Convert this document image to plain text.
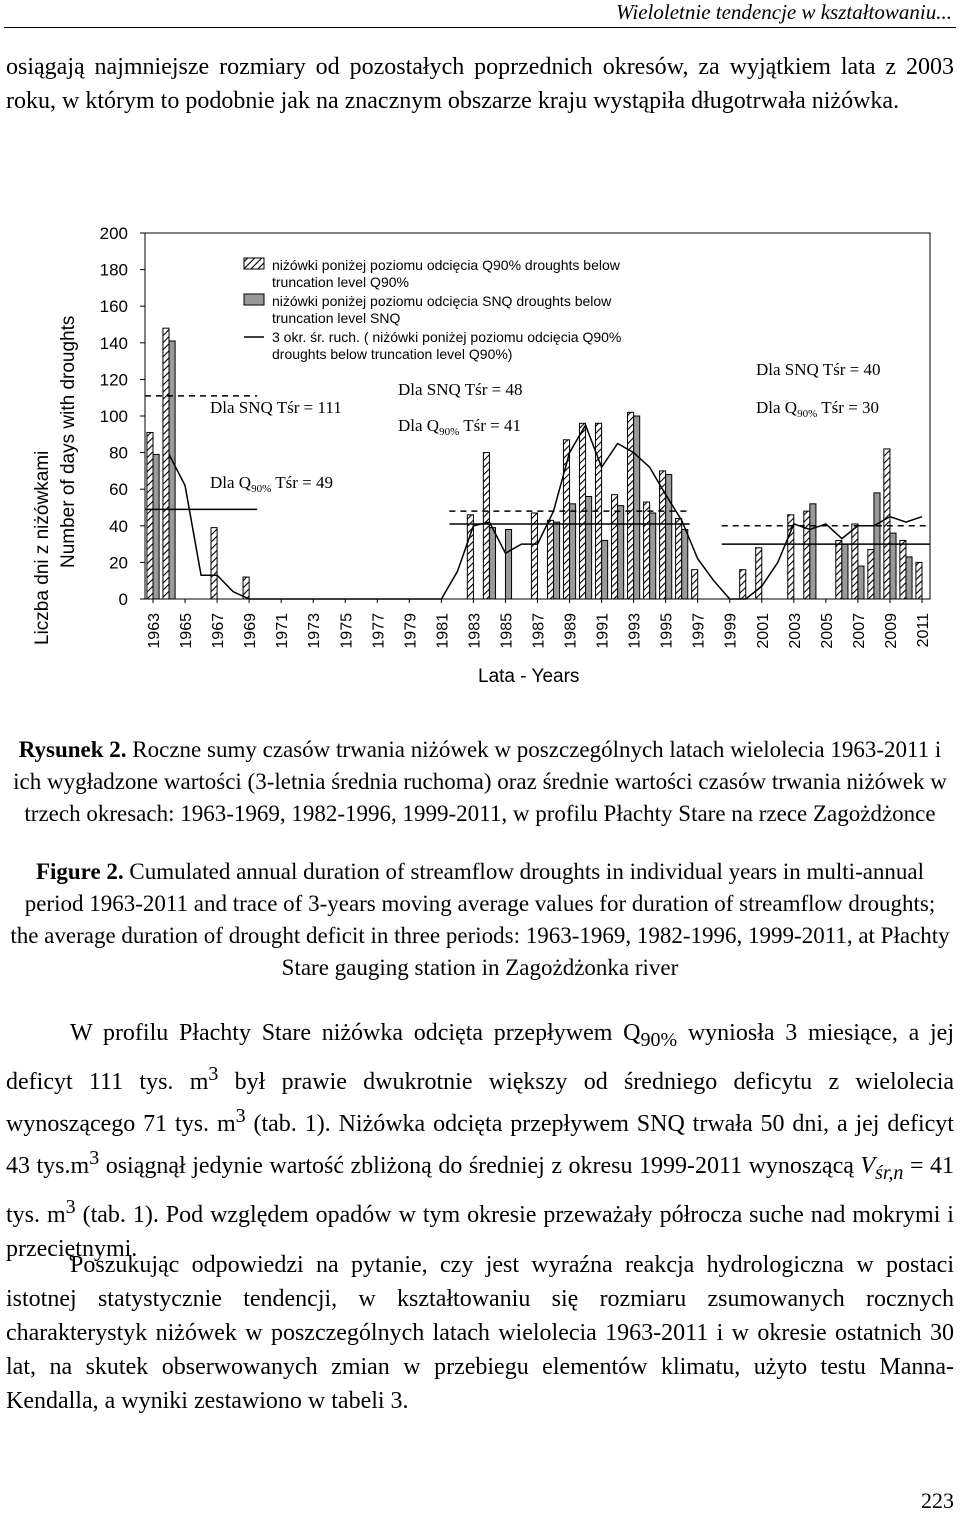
Wieloletnie tendencje w kształtowaniu...
osiągają najmniejsze rozmiary od pozostałych poprzednich okresów, za wyjątkiem lata z 2003 roku, w którym to podobnie jak na znacznym obszarze kraju wystąpiła długotrwała niżówka.
0
20
40
60
80
100
120
140
160
180
200
1963 1965 1967 1969 1971 1973 1975 1977 1979 1981 1983 1985 1987 1989 1991 1993 1995 1997 1999 2001 2003 2005 2007 2009 2011
Liczba dni z niżówkami Number of days with droughts
Lata - Years
niżówki poniżej poziomu odcięcia Q90% droughts below
truncation level Q90%
niżówki poniżej poziomu odcięcia SNQ droughts below
truncation level SNQ
3 okr. śr. ruch. ( niżówki poniżej poziomu odcięcia Q90%
droughts below truncation level Q90%)
Dla SNQ Tśr = 111
Dla $Q_{90\%}$ Tśr = 49
Dla SNQ Tśr = 48
Dla $Q_{90\%}$ Tśr = 41
Dla SNQ Tśr = 40
Dla $Q_{90\%}$ Tśr = 30
Rysunek 2. Roczne sumy czasów trwania niżówek w poszczególnych latach wielolecia 1963-2011 i ich wygładzone wartości (3-letnia średnia ruchoma) oraz średnie wartości czasów trwania niżówek w trzech okresach: 1963-1969, 1982-1996, 1999-2011, w profilu Płachty Stare na rzece Zagożdżonce
Figure 2. Cumulated annual duration of streamflow droughts in individual years in multi-annual period 1963-2011 and trace of 3-years moving average values for duration of streamflow droughts; the average duration of drought deficit in three periods: 1963-1969, 1982-1996, 1999-2011, at Płachty Stare gauging station in Zagożdżonka river
W profilu Płachty Stare niżówka odcięta przepływem $Q_{90\%}$ wyniosła 3 miesiące, a jej deficyt 111 tys. $m^3$ był prawie dwukrotnie większy od średniego deficytu z wielolecia wynoszącego 71 tys. $m^3$ (tab. 1). Niżówka odcięta przepływem SNQ trwała 50 dni, a jej deficyt 43 $tys.m^3$ osiągnął jedynie wartość zbliżoną do średniej z okresu 1999-2011 wynoszącą $V_{śr,n} = 41$ tys. $m^3$ (tab. 1). Pod względem opadów w tym okresie przeważały półrocza suche nad mokrymi i przeciętnymi.
Poszukując odpowiedzi na pytanie, czy jest wyraźna reakcja hydrologiczna w postaci istotnej statystycznie tendencji, w kształtowaniu się rozmiaru zsumowanych rocznych charakterystyk niżówek w poszczególnych latach wielolecia 1963-2011 i w okresie ostatnich 30 lat, na skutek obserwowanych zmian w przebiegu elementów klimatu, użyto testu Manna-Kendalla, a wyniki zestawiono w tabeli 3.
223
